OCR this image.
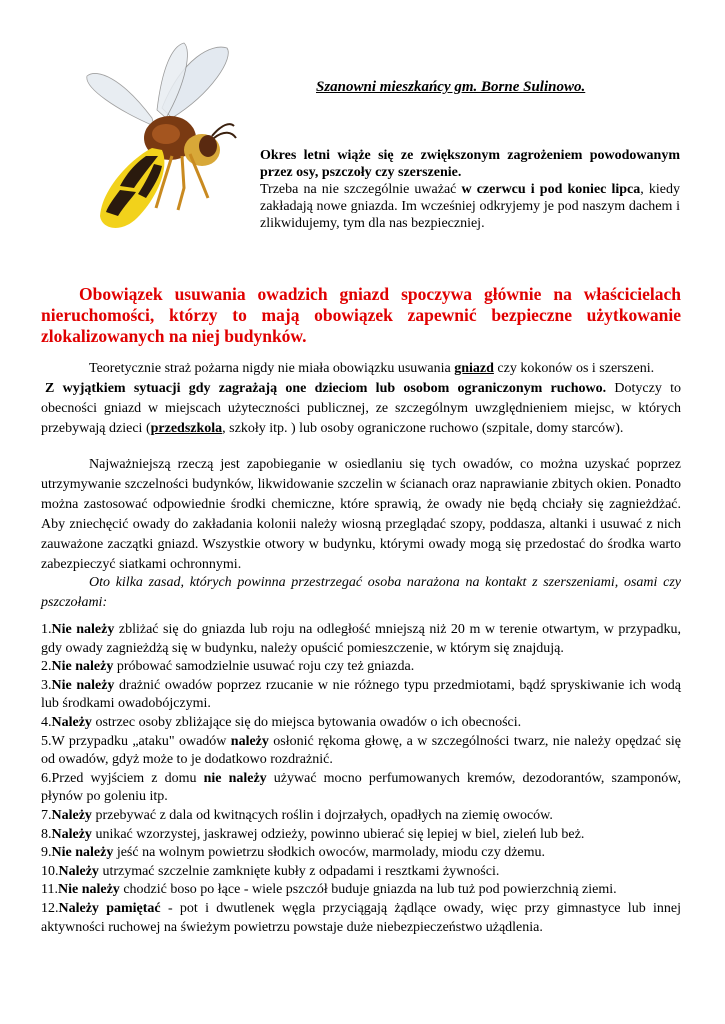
Szanowni mieszkańcy gm. Borne Sulinowo.

Okres letni wiąże się ze zwiększonym zagrożeniem powodowanym przez osy, pszczoły czy szerszenie.

Trzeba na nie szczególnie uważać w czerwcu i pod koniec lipca, kiedy zakładają nowe gniazda. Im wcześniej odkryjemy je pod naszym dachem i zlikwidujemy, tym dla nas bezpieczniej.

Obowiązek usuwania owadzich gniazd spoczywa głównie na właścicielach nieruchomości, którzy to mają obowiązek zapewnić bezpieczne użytkowanie zlokalizowanych na niej budynków.

Teoretycznie straż pożarna nigdy nie miała obowiązku usuwania gniazd czy kokonów os i szerszeni.

Z wyjątkiem sytuacji gdy zagrażają one dzieciom lub osobom ograniczonym ruchowo. Dotyczy to obecności gniazd w miejscach użyteczności publicznej, ze szczególnym uwzględnieniem miejsc, w których przebywają dzieci (przedszkola, szkoły itp. ) lub osoby ograniczone ruchowo (szpitale, domy starców).

Najważniejszą rzeczą jest zapobieganie w osiedlaniu się tych owadów, co można uzyskać poprzez utrzymywanie szczelności budynków, likwidowanie szczelin w ścianach oraz naprawianie zbitych okien. Ponadto można zastosować odpowiednie środki chemiczne, które sprawią, że owady nie będą chciały się zagnieżdżać. Aby zniechęcić owady do zakładania kolonii należy wiosną przeglądać szopy, poddasza, altanki i usuwać z nich zauważone zaczątki gniazd. Wszystkie otwory w budynku, którymi owady mogą się przedostać do środka warto zabezpieczyć siatkami ochronnymi.

Oto kilka zasad, których powinna przestrzegać osoba narażona na kontakt z szerszeniami, osami czy pszczołami:

1.Nie należy zbliżać się do gniazda lub roju na odległość mniejszą niż 20 m w terenie otwartym, w przypadku, gdy owady zagnieżdżą się w budynku, należy opuścić pomieszczenie, w którym się znajdują.
2.Nie należy próbować samodzielnie usuwać roju czy też gniazda.
3.Nie należy drażnić owadów poprzez rzucanie w nie różnego typu przedmiotami, bądź spryskiwanie ich wodą lub środkami owadobójczymi.
4.Należy ostrzec osoby zbliżające się do miejsca bytowania owadów o ich obecności.
5.W przypadku „ataku" owadów należy osłonić rękoma głowę, a w szczególności twarz, nie należy opędzać się od owadów, gdyż może to je dodatkowo rozdrażnić.
6.Przed wyjściem z domu nie należy używać mocno perfumowanych kremów, dezodorantów, szamponów, płynów po goleniu itp.
7.Należy przebywać z dala od kwitnących roślin i dojrzałych, opadłych na ziemię owoców.
8.Należy unikać wzorzystej, jaskrawej odzieży, powinno ubierać się lepiej w biel, zieleń lub beż.
9.Nie należy jeść na wolnym powietrzu słodkich owoców, marmolady, miodu czy dżemu.
10.Należy utrzymać szczelnie zamknięte kubły z odpadami i resztkami żywności.
11.Nie należy chodzić boso po łące - wiele pszczół buduje gniazda na lub tuż pod powierzchnią ziemi.
12.Należy pamiętać - pot i dwutlenek węgla przyciągają żądlące owady, więc przy gimnastyce lub innej aktywności ruchowej na świeżym powietrzu powstaje duże niebezpieczeństwo użądlenia.
